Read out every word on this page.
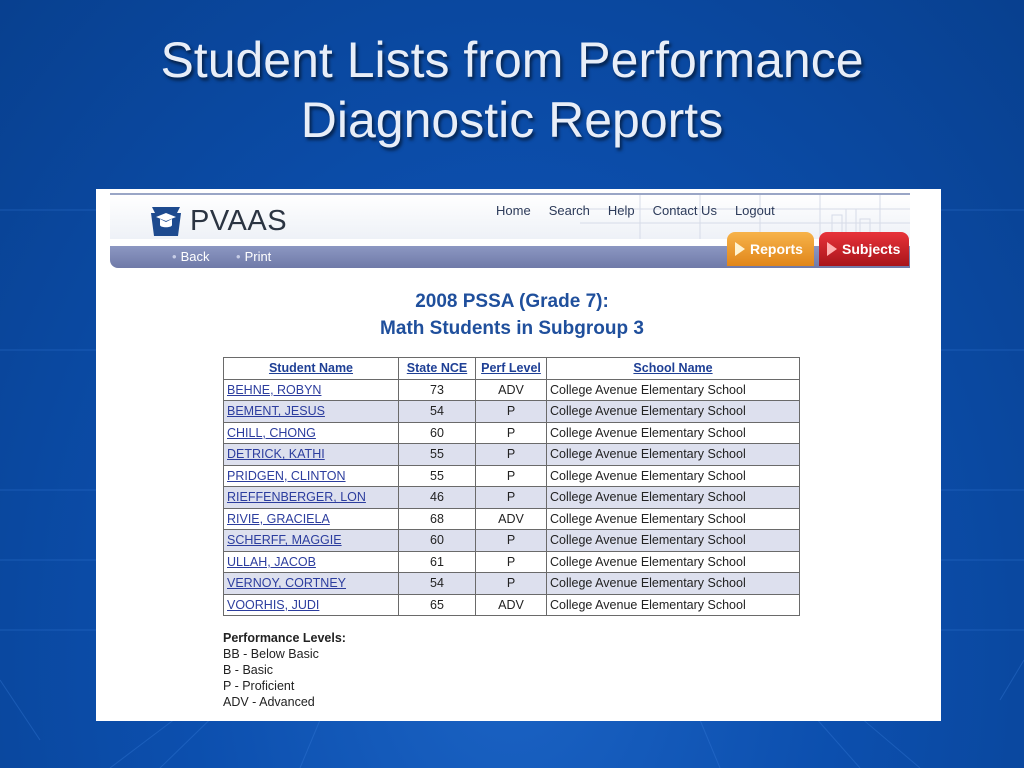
Student Lists from Performance
Diagnostic Reports
PVAAS	Home Search Help Contact Us Logout
• Back • Print	Reports	Subjects
2008 PSSA (Grade 7):
Math Students in Subgroup 3
Student Name	State NCE	Perf Level	School Name
BEHNE, ROBYN	73	ADV	College Avenue Elementary School
BEMENT, JESUS	54	P	College Avenue Elementary School
CHILL, CHONG	60	P	College Avenue Elementary School
DETRICK, KATHI	55	P	College Avenue Elementary School
PRIDGEN, CLINTON	55	P	College Avenue Elementary School
RIEFFENBERGER, LON	46	P	College Avenue Elementary School
RIVIE, GRACIELA	68	ADV	College Avenue Elementary School
SCHERFF, MAGGIE	60	P	College Avenue Elementary School
ULLAH, JACOB	61	P	College Avenue Elementary School
VERNOY, CORTNEY	54	P	College Avenue Elementary School
VOORHIS, JUDI	65	ADV	College Avenue Elementary School
Performance Levels:
BB - Below Basic
B - Basic
P - Proficient
ADV - Advanced
